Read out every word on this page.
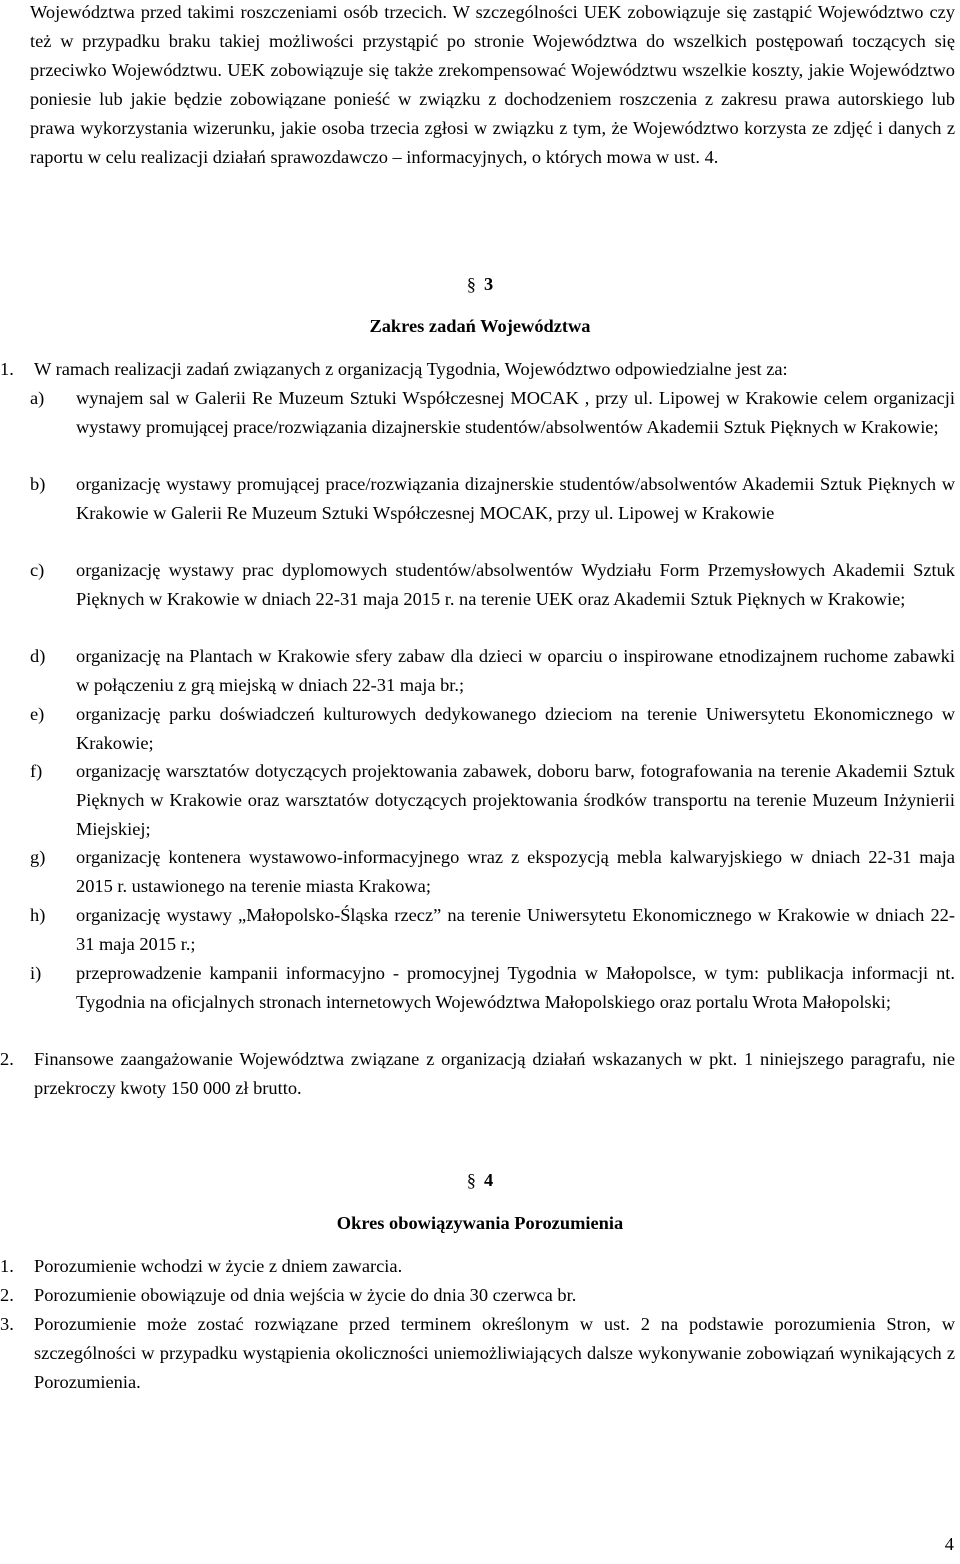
Województwa przed takimi roszczeniami osób trzecich. W szczególności UEK zobowiązuje się zastąpić Województwo czy też w przypadku braku takiej możliwości przystąpić po stronie Województwa do wszelkich postępowań toczących się przeciwko Województwu. UEK zobowiązuje się także zrekompensować Województwu wszelkie koszty, jakie Województwo poniesie lub jakie będzie zobowiązane ponieść w związku z dochodzeniem roszczenia z zakresu prawa autorskiego lub prawa wykorzystania wizerunku, jakie osoba trzecia zgłosi w związku z tym, że Województwo korzysta ze zdjęć i danych z raportu w celu realizacji działań sprawozdawczo – informacyjnych, o których mowa w ust. 4.

§ 3

Zakres zadań Województwa

1.	W ramach realizacji zadań związanych z organizacją Tygodnia, Województwo odpowiedzialne jest za:
a)	wynajem sal w Galerii Re Muzeum Sztuki Współczesnej MOCAK , przy ul. Lipowej w Krakowie celem organizacji wystawy promującej prace/rozwiązania dizajnerskie studentów/absolwentów Akademii Sztuk Pięknych w Krakowie;
b)	organizację wystawy promującej prace/rozwiązania dizajnerskie studentów/absolwentów Akademii Sztuk Pięknych w Krakowie w Galerii Re Muzeum Sztuki Współczesnej MOCAK, przy ul. Lipowej w Krakowie
c)	organizację wystawy prac dyplomowych studentów/absolwentów Wydziału Form Przemysłowych Akademii Sztuk Pięknych w Krakowie w dniach 22-31 maja 2015 r. na terenie UEK oraz Akademii Sztuk Pięknych w Krakowie;
d)	organizację na Plantach w Krakowie sfery zabaw dla dzieci w oparciu o inspirowane etnodizajnem ruchome zabawki w połączeniu z grą miejską w dniach 22-31 maja br.;
e)	organizację parku doświadczeń kulturowych dedykowanego dzieciom na terenie Uniwersytetu Ekonomicznego w Krakowie;
f)	organizację warsztatów dotyczących projektowania zabawek, doboru barw, fotografowania na terenie Akademii Sztuk Pięknych w Krakowie oraz warsztatów dotyczących projektowania środków transportu na terenie Muzeum Inżynierii Miejskiej;
g)	organizację kontenera wystawowo-informacyjnego wraz z ekspozycją mebla kalwaryjskiego w dniach 22-31 maja 2015 r. ustawionego na terenie miasta Krakowa;
h)	organizację wystawy „Małopolsko-Śląska rzecz” na terenie Uniwersytetu Ekonomicznego w Krakowie w dniach 22-31 maja 2015 r.;
i)	przeprowadzenie kampanii informacyjno - promocyjnej Tygodnia w Małopolsce, w tym: publikacja informacji nt. Tygodnia na oficjalnych stronach internetowych Województwa Małopolskiego oraz portalu Wrota Małopolski;
2.	Finansowe zaangażowanie Województwa związane z organizacją działań wskazanych w pkt. 1 niniejszego paragrafu, nie przekroczy kwoty 150 000 zł brutto.

§ 4

Okres obowiązywania Porozumienia

1.	Porozumienie wchodzi w życie z dniem zawarcia.
2.	Porozumienie obowiązuje od dnia wejścia w życie do dnia 30 czerwca br.
3.	Porozumienie może zostać rozwiązane przed terminem określonym w ust. 2 na podstawie porozumienia Stron, w szczególności w przypadku wystąpienia okoliczności uniemożliwiających dalsze wykonywanie zobowiązań wynikających z Porozumienia.

4
